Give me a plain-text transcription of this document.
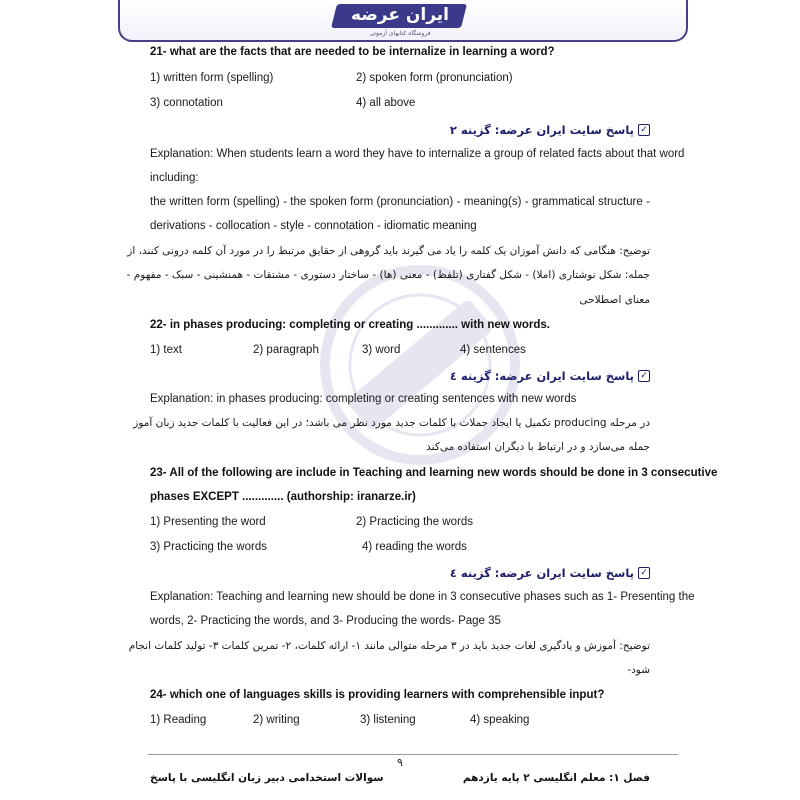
ایران عرضه
فروشگاه کتابهای آزمونی
21- what are the facts that are needed to be internalize in learning a word?
1) written form (spelling)	2) spoken form (pronunciation)
3) connotation	4) all above
✓
پاسخ سایت ایران عرضه: گزینه ۲
Explanation: When students learn a word they have to internalize a group of related facts about that word
including:
the written form (spelling) - the spoken form (pronunciation) - meaning(s) - grammatical structure -
derivations - collocation - style - connotation - idiomatic meaning
توضیح: هنگامی که دانش آموزان یک کلمه را یاد می گیرند باید گروهی از حقایق مرتبط را در مورد آن کلمه درونی کنند، از
جمله: شکل نوشتاری (املا) - شکل گفتاری (تلفظ) - معنی (ها) - ساختار دستوری - مشتقات - همنشینی - سبک - مفهوم -
معنای اصطلاحی
22- in phases producing: completing or creating ............. with new words.
1) text	2) paragraph	3) word	4) sentences
✓
پاسخ سایت ایران عرضه: گزینه ٤
Explanation: in phases producing: completing or creating sentences with new words
در مرحله producing تکمیل یا ایجاد جملات با کلمات جدید مورد نظر می باشد؛ در این فعالیت با کلمات جدید زبان آموز
جمله می‌سازد و در ارتباط با دیگران استفاده می‌کند
23- All of the following are include in Teaching and learning new words should be done in 3 consecutive
phases EXCEPT ............. (authorship: iranarze.ir)
1) Presenting the word	2) Practicing the words
3) Practicing the words	4) reading the words
✓
پاسخ سایت ایران عرضه: گزینه ٤
Explanation: Teaching and learning new should be done in 3 consecutive phases such as 1- Presenting the
words, 2- Practicing the words, and 3- Producing the words- Page 35
توضیح: آموزش و یادگیری لغات جدید باید در ۳ مرحله متوالی مانند ۱- ارائه کلمات، ۲- تمرین کلمات ۳- تولید کلمات انجام
شود-
24- which one of languages skills is providing learners with comprehensible input?
1) Reading	2) writing	3) listening	4) speaking
٩
فصل ۱: معلم انگلیسی ۲ پایه یازدهم
سوالات استخدامی دبیر زبان انگلیسی با پاسخ
